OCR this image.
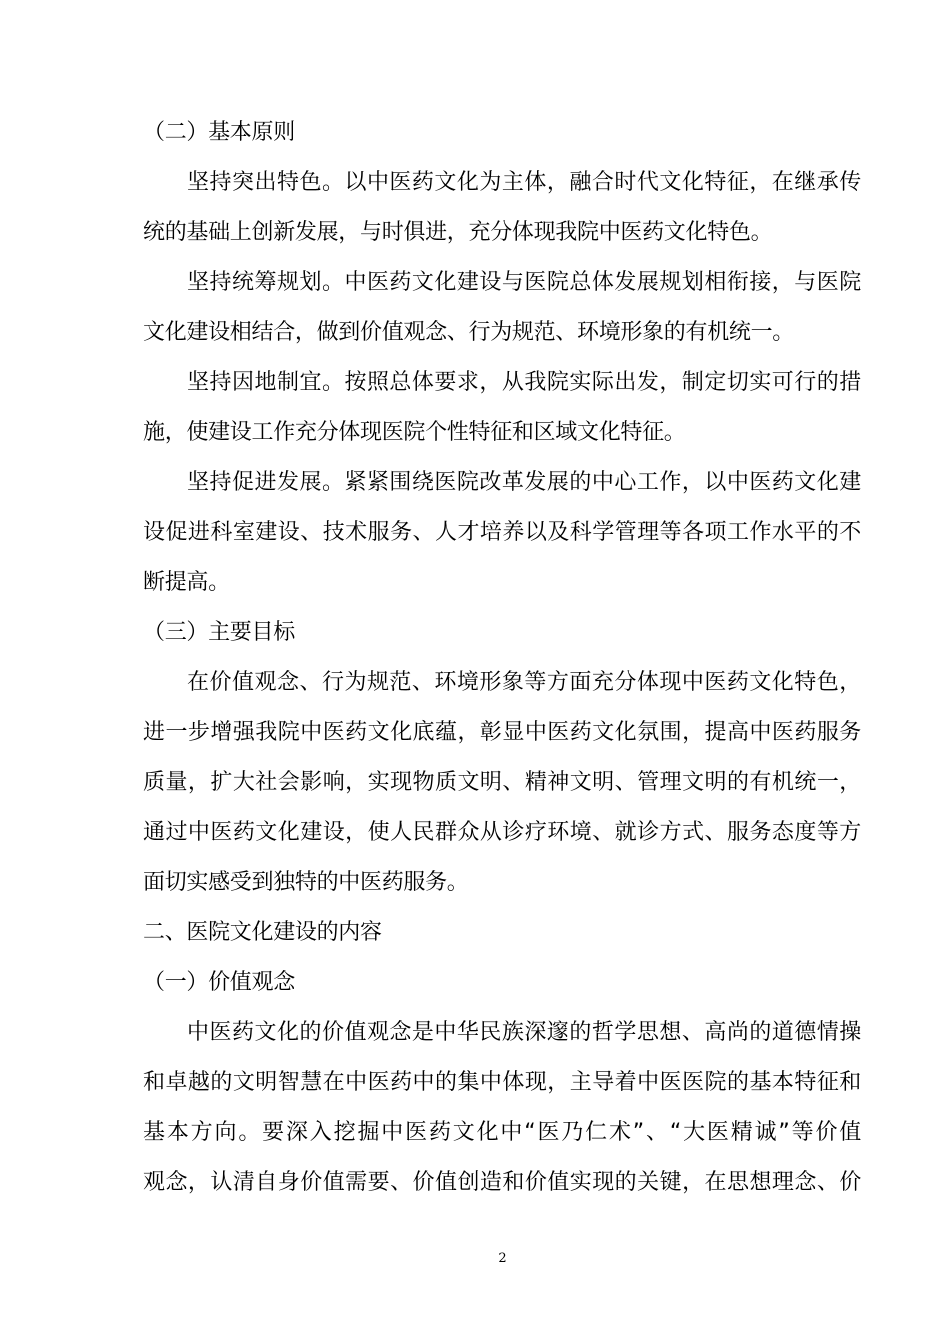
（二）基本原则
坚持突出特色。以中医药文化为主体，融合时代文化特征，在继承传
统的基础上创新发展，与时俱进，充分体现我院中医药文化特色。
坚持统筹规划。中医药文化建设与医院总体发展规划相衔接，与医院
文化建设相结合，做到价值观念、行为规范、环境形象的有机统一。
坚持因地制宜。按照总体要求，从我院实际出发，制定切实可行的措
施，使建设工作充分体现医院个性特征和区域文化特征。
坚持促进发展。紧紧围绕医院改革发展的中心工作，以中医药文化建
设促进科室建设、技术服务、人才培养以及科学管理等各项工作水平的不
断提高。
（三）主要目标
在价值观念、行为规范、环境形象等方面充分体现中医药文化特色，
进一步增强我院中医药文化底蕴，彰显中医药文化氛围，提高中医药服务
质量，扩大社会影响，实现物质文明、精神文明、管理文明的有机统一，
通过中医药文化建设，使人民群众从诊疗环境、就诊方式、服务态度等方
面切实感受到独特的中医药服务。
二、医院文化建设的内容
（一）价值观念
中医药文化的价值观念是中华民族深邃的哲学思想、高尚的道德情操
和卓越的文明智慧在中医药中的集中体现，主导着中医医院的基本特征和
基本方向。要深入挖掘中医药文化中“医乃仁术”、“大医精诚”等价值
观念，认清自身价值需要、价值创造和价值实现的关键，在思想理念、价
2
